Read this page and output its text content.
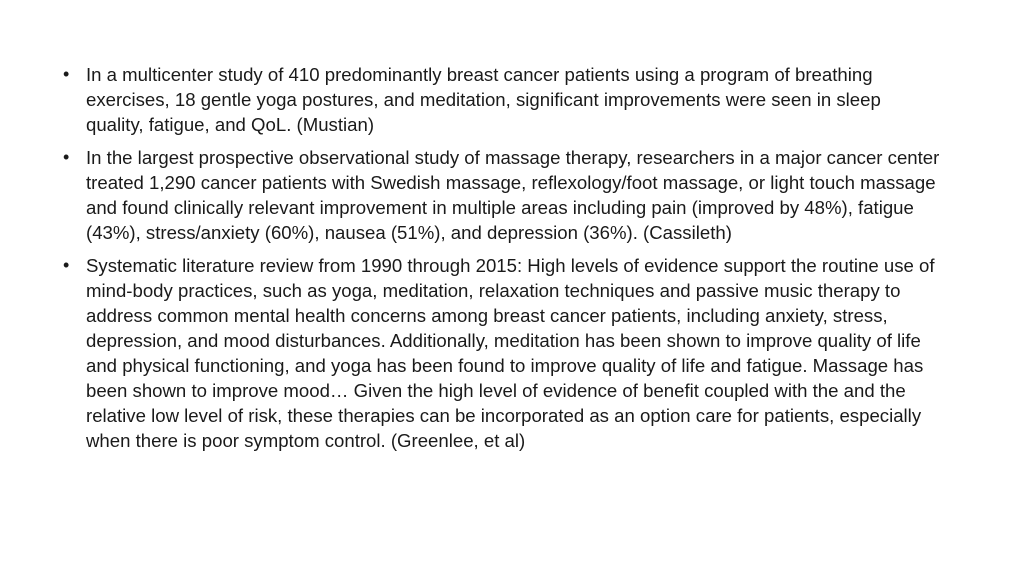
• In a multicenter study of 410 predominantly breast cancer patients using a program of breathing exercises, 18 gentle yoga postures, and meditation, significant improvements were seen in sleep quality, fatigue, and QoL. (Mustian)
• In the largest prospective observational study of massage therapy, researchers in a major cancer center treated 1,290 cancer patients with Swedish massage, reflexology/foot massage, or light touch massage and found clinically relevant improvement in multiple areas including pain (improved by 48%), fatigue (43%), stress/anxiety (60%), nausea (51%), and depression (36%). (Cassileth)
• Systematic literature review from 1990 through 2015: High levels of evidence support the routine use of mind-body practices, such as yoga, meditation, relaxation techniques and passive music therapy to address common mental health concerns among breast cancer patients, including anxiety, stress, depression, and mood disturbances. Additionally, meditation has been shown to improve quality of life and physical functioning, and yoga has been found to improve quality of life and fatigue. Massage has been shown to improve mood… Given the high level of evidence of benefit coupled with the and the relative low level of risk, these therapies can be incorporated as an option care for patients, especially when there is poor symptom control. (Greenlee, et al)
